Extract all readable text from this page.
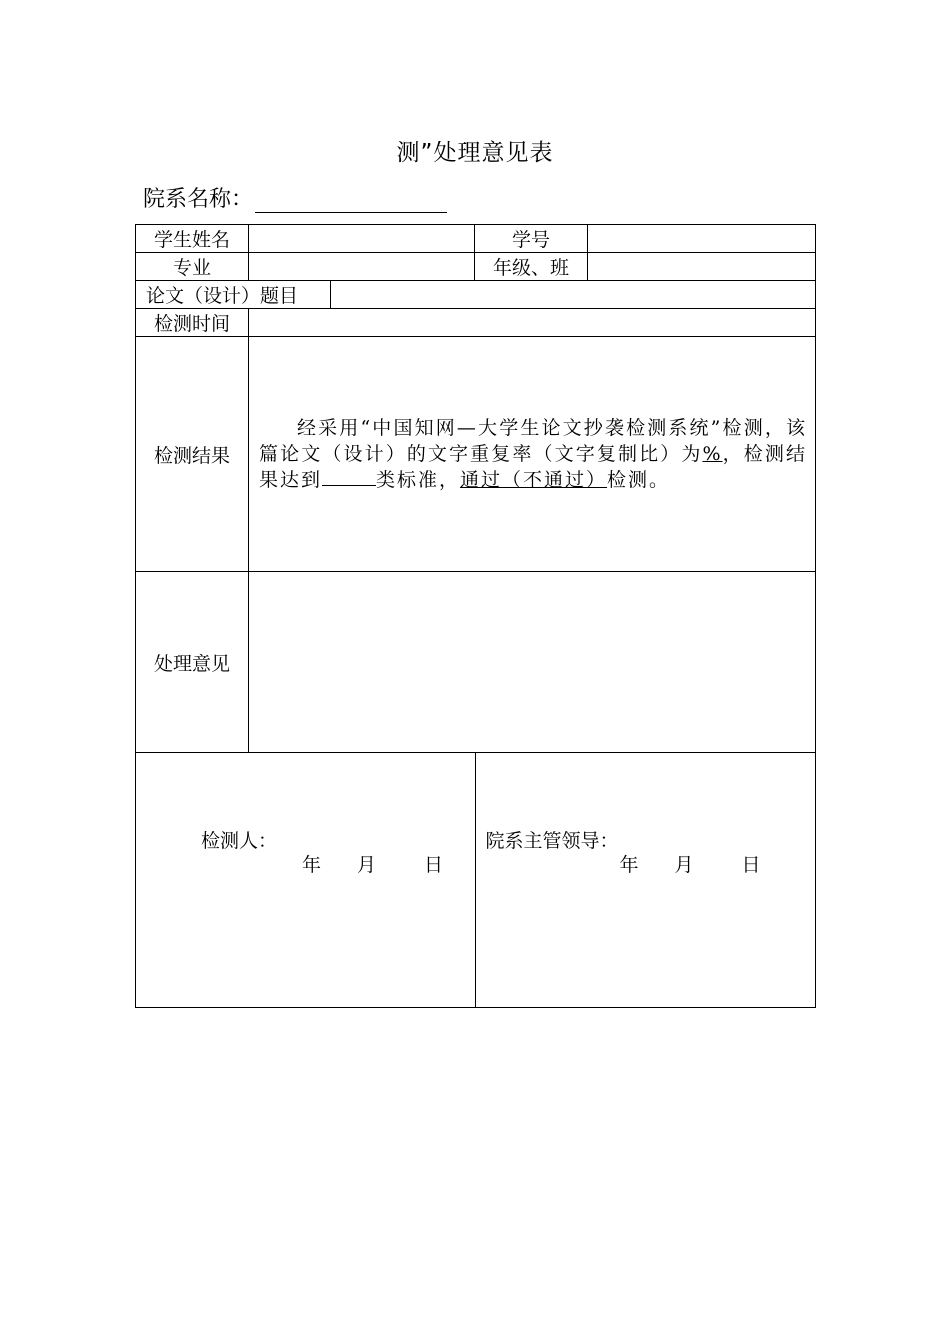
测”处理意见表
院系名称：
学生姓名		学号	
专业		年级、班	

论文（设计）题目	

检测时间	
检测结果	经采用“中国知网—大学生论文抄袭检测系统”检测，该篇论文（设计）的文字重复率（文字复制比）为%，检测结果达到	类标准，通过（不通过）检测。
处理意见	

检测人：
年 月	日

院系主管领导：
年 月	日
